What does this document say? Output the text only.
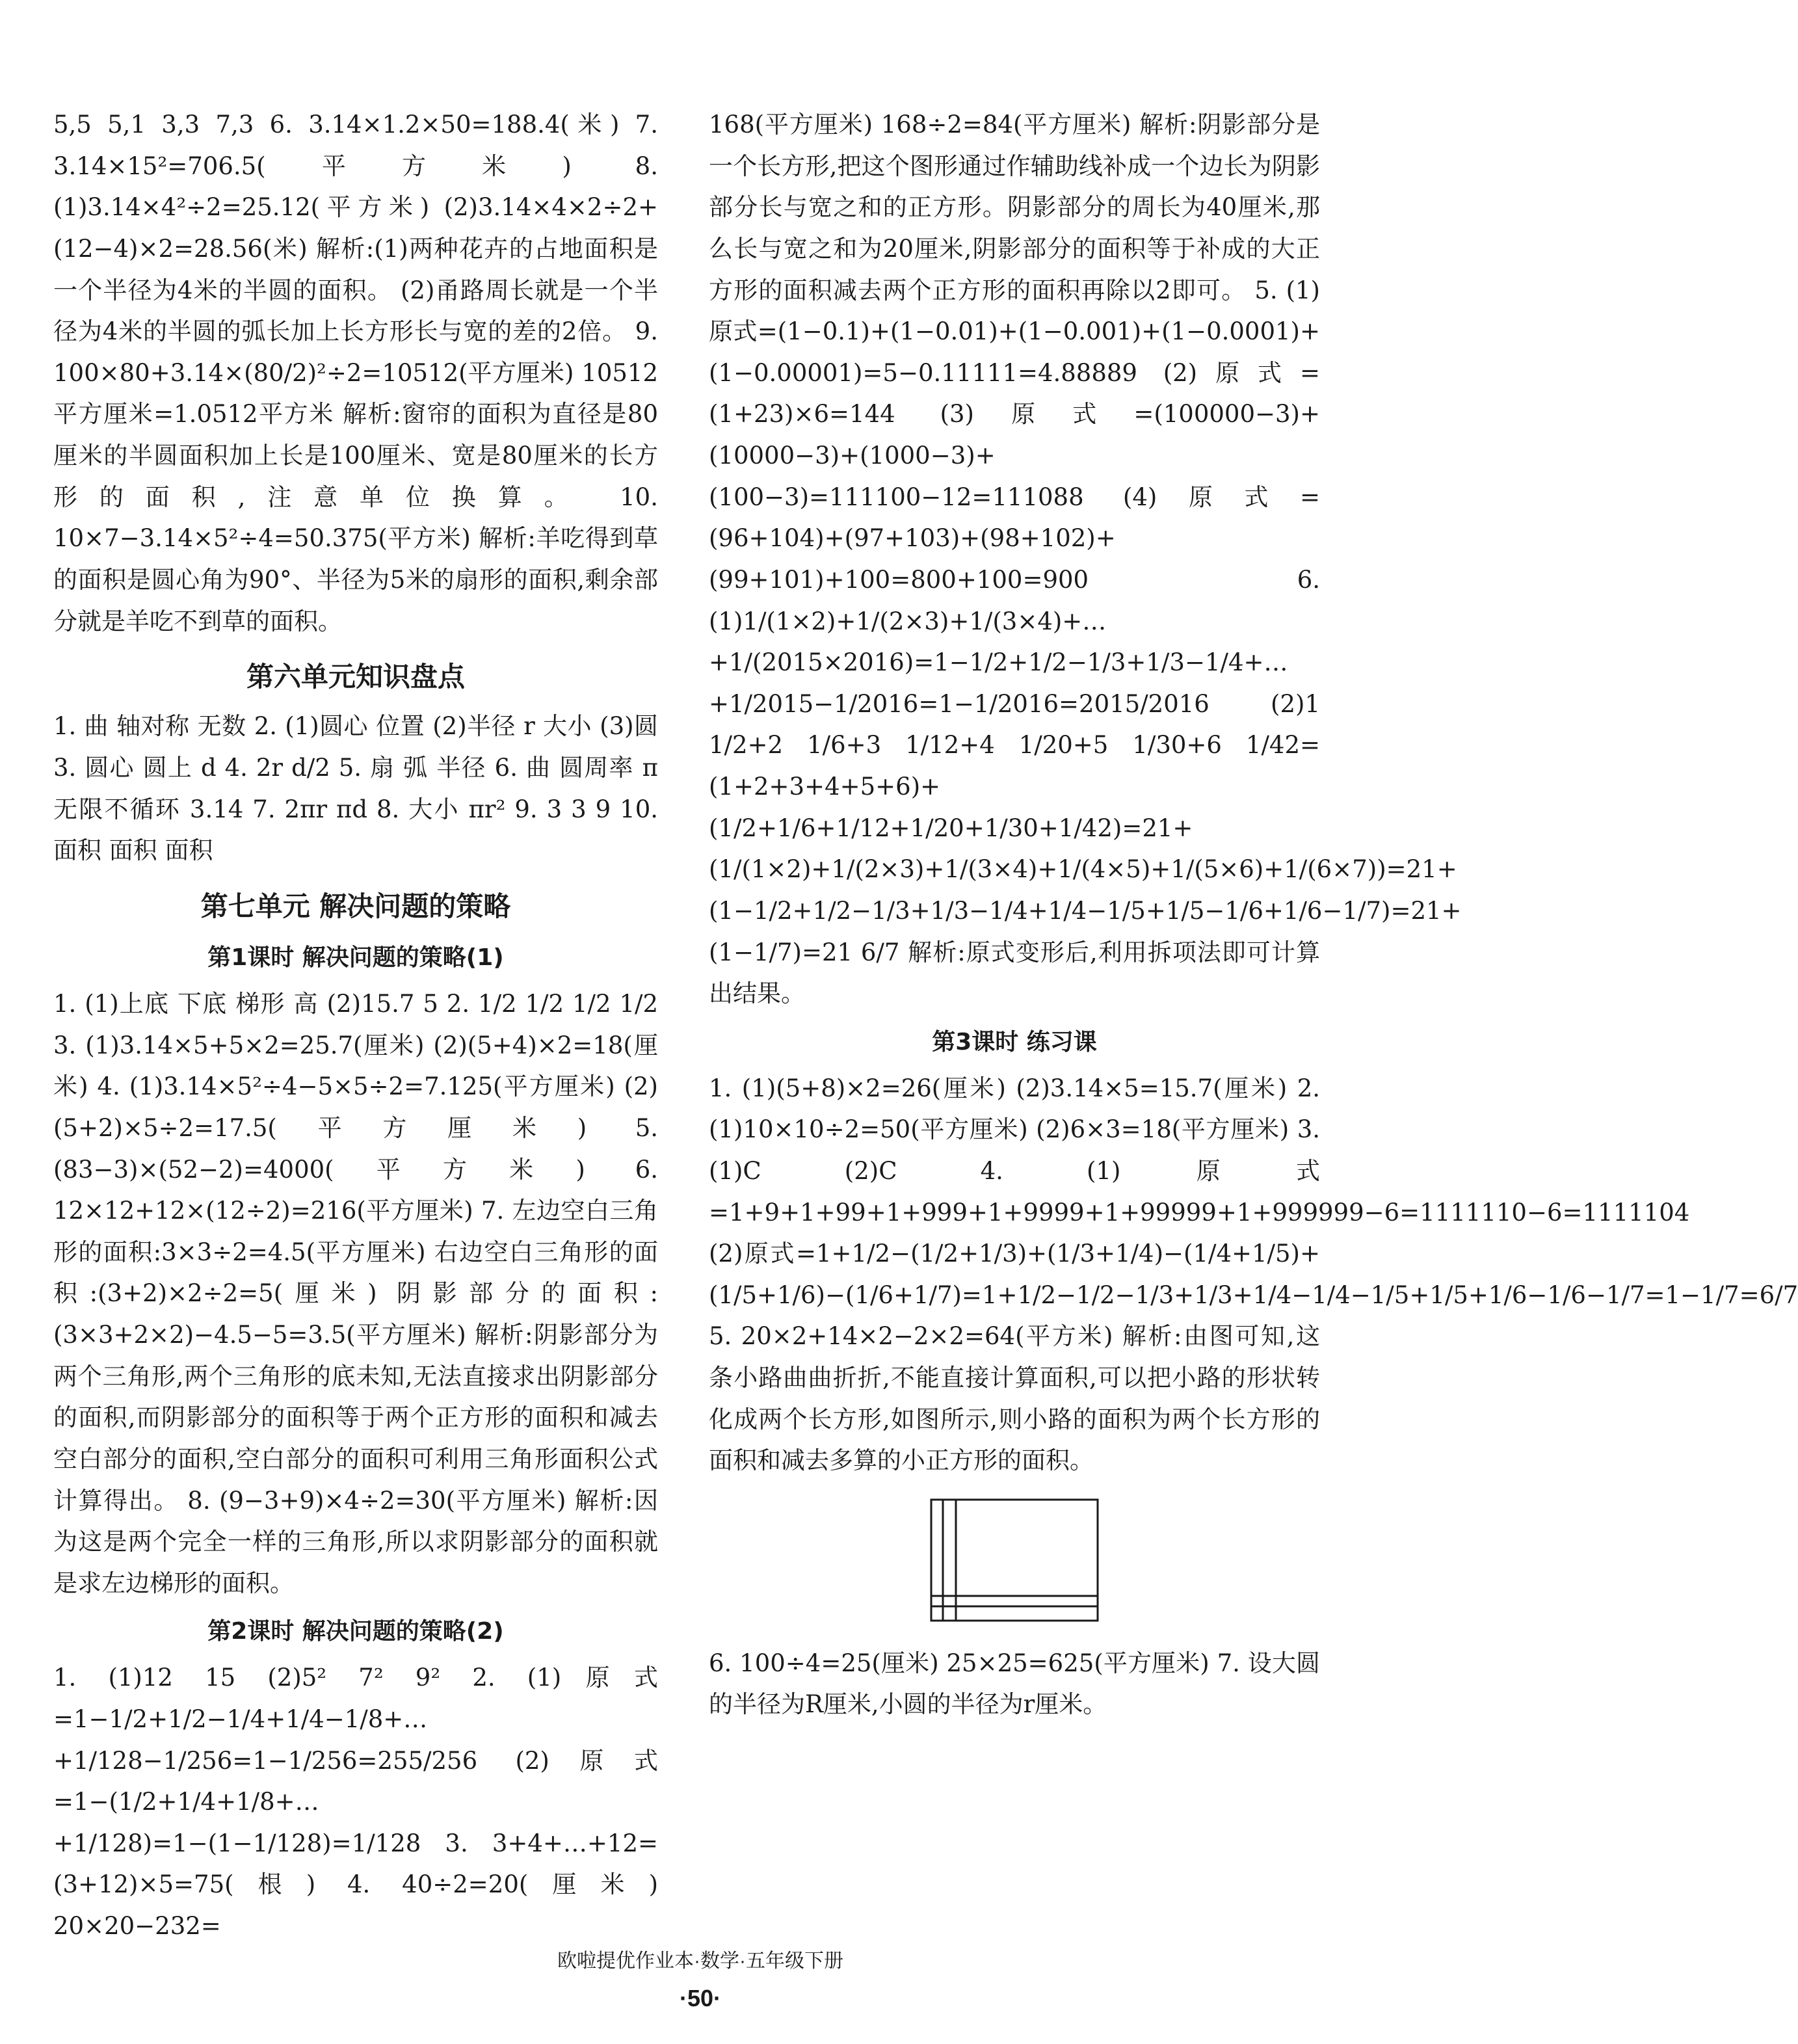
5,5 5,1 3,3 7,3 6. 3.14×1.2×50=188.4(米) 7. 3.14×15²=706.5(平方米) 8. (1)3.14×4²÷2=25.12(平方米) (2)3.14×4×2÷2+(12−4)×2=28.56(米) 解析:(1)两种花卉的占地面积是一个半径为4米的半圆的面积。 (2)甬路周长就是一个半径为4米的半圆的弧长加上长方形长与宽的差的2倍。 9. 100×80+3.14×(80/2)²÷2=10512(平方厘米) 10512平方厘米=1.0512平方米 解析:窗帘的面积为直径是80厘米的半圆面积加上长是100厘米、宽是80厘米的长方形的面积,注意单位换算。 10. 10×7−3.14×5²÷4=50.375(平方米) 解析:羊吃得到草的面积是圆心角为90°、半径为5米的扇形的面积,剩余部分就是羊吃不到草的面积。

第六单元知识盘点

1. 曲 轴对称 无数 2. (1)圆心 位置 (2)半径 r 大小 (3)圆 3. 圆心 圆上 d 4. 2r d/2 5. 扇 弧 半径 6. 曲 圆周率 π 无限不循环 3.14 7. 2πr πd 8. 大小 πr² 9. 3 3 9 10. 面积 面积 面积

第七单元 解决问题的策略
第1课时 解决问题的策略(1)

1. (1)上底 下底 梯形 高 (2)15.7 5 2. 1/2 1/2 1/2 1/2 3. (1)3.14×5+5×2=25.7(厘米) (2)(5+4)×2=18(厘米) 4. (1)3.14×5²÷4−5×5÷2=7.125(平方厘米) (2)(5+2)×5÷2=17.5(平方厘米) 5. (83−3)×(52−2)=4000(平方米) 6. 12×12+12×(12÷2)=216(平方厘米) 7. 左边空白三角形的面积:3×3÷2=4.5(平方厘米) 右边空白三角形的面积:(3+2)×2÷2=5(厘米) 阴影部分的面积:(3×3+2×2)−4.5−5=3.5(平方厘米) 解析:阴影部分为两个三角形,两个三角形的底未知,无法直接求出阴影部分的面积,而阴影部分的面积等于两个正方形的面积和减去空白部分的面积,空白部分的面积可利用三角形面积公式计算得出。 8. (9−3+9)×4÷2=30(平方厘米) 解析:因为这是两个完全一样的三角形,所以求阴影部分的面积就是求左边梯形的面积。

第2课时 解决问题的策略(2)

1. (1)12 15 (2)5² 7² 9² 2. (1)原式=1−1/2+1/2−1/4+1/4−1/8+…+1/128−1/256=1−1/256=255/256 (2)原式=1−(1/2+1/4+1/8+…+1/128)=1−(1−1/128)=1/128 3. 3+4+…+12=(3+12)×5=75(根) 4. 40÷2=20(厘米) 20×20−232=

168(平方厘米) 168÷2=84(平方厘米) 解析:阴影部分是一个长方形,把这个图形通过作辅助线补成一个边长为阴影部分长与宽之和的正方形。阴影部分的周长为40厘米,那么长与宽之和为20厘米,阴影部分的面积等于补成的大正方形的面积减去两个正方形的面积再除以2即可。 5. (1)原式=(1−0.1)+(1−0.01)+(1−0.001)+(1−0.0001)+(1−0.00001)=5−0.11111=4.88889 (2)原式=(1+23)×6=144 (3)原式=(100000−3)+(10000−3)+(1000−3)+(100−3)=111100−12=111088 (4)原式=(96+104)+(97+103)+(98+102)+(99+101)+100=800+100=900 6. (1)1/(1×2)+1/(2×3)+1/(3×4)+…+1/(2015×2016)=1−1/2+1/2−1/3+1/3−1/4+…+1/2015−1/2016=1−1/2016=2015/2016 (2)1 1/2+2 1/6+3 1/12+4 1/20+5 1/30+6 1/42=(1+2+3+4+5+6)+(1/2+1/6+1/12+1/20+1/30+1/42)=21+(1/(1×2)+1/(2×3)+1/(3×4)+1/(4×5)+1/(5×6)+1/(6×7))=21+(1−1/2+1/2−1/3+1/3−1/4+1/4−1/5+1/5−1/6+1/6−1/7)=21+(1−1/7)=21 6/7 解析:原式变形后,利用拆项法即可计算出结果。

第3课时 练习课

1. (1)(5+8)×2=26(厘米) (2)3.14×5=15.7(厘米) 2. (1)10×10÷2=50(平方厘米) (2)6×3=18(平方厘米) 3. (1)C (2)C 4. (1)原式=1+9+1+99+1+999+1+9999+1+99999+1+999999−6=1111110−6=1111104 (2)原式=1+1/2−(1/2+1/3)+(1/3+1/4)−(1/4+1/5)+(1/5+1/6)−(1/6+1/7)=1+1/2−1/2−1/3+1/3+1/4−1/4−1/5+1/5+1/6−1/6−1/7=1−1/7=6/7 5. 20×2+14×2−2×2=64(平方米) 解析:由图可知,这条小路曲曲折折,不能直接计算面积,可以把小路的形状转化成两个长方形,如图所示,则小路的面积为两个长方形的面积和减去多算的小正方形的面积。

6. 100÷4=25(厘米) 25×25=625(平方厘米) 7. 设大圆的半径为R厘米,小圆的半径为r厘米。

欧啦提优作业本·数学·五年级下册
·50·
